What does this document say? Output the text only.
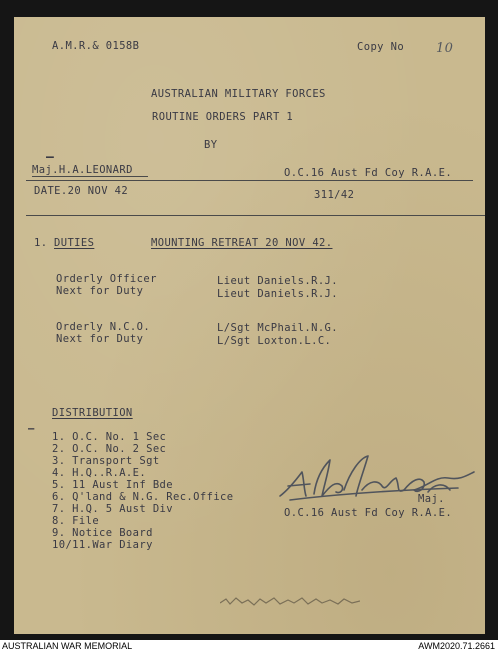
A.M.R.& 0158B	Copy No 10
AUSTRALIAN MILITARY FORCES
ROUTINE ORDERS PART 1
BY
–
Maj.H.A.LEONARD	O.C.16 Aust Fd Coy R.A.E.
DATE.20 NOV 42	311/42
1. DUTIES	MOUNTING RETREAT 20 NOV 42.
Orderly Officer	Lieut Daniels.R.J.
Next for Duty	Lieut Daniels.R.J.
Orderly N.C.O.	L/Sgt McPhail.N.G.
Next for Duty	L/Sgt Loxton.L.C.
DISTRIBUTION
–
1. O.C. No. 1 Sec
2. O.C. No. 2 Sec
3. Transport Sgt
4. H.Q..R.A.E.
5. 11 Aust Inf Bde
6. Q'land & N.G. Rec.Office
7. H.Q. 5 Aust Div
8. File
9. Notice Board
10/11.War Diary
Maj.
O.C.16 Aust Fd Coy R.A.E.
AUSTRALIAN WAR MEMORIAL	AWM2020.71.2661
